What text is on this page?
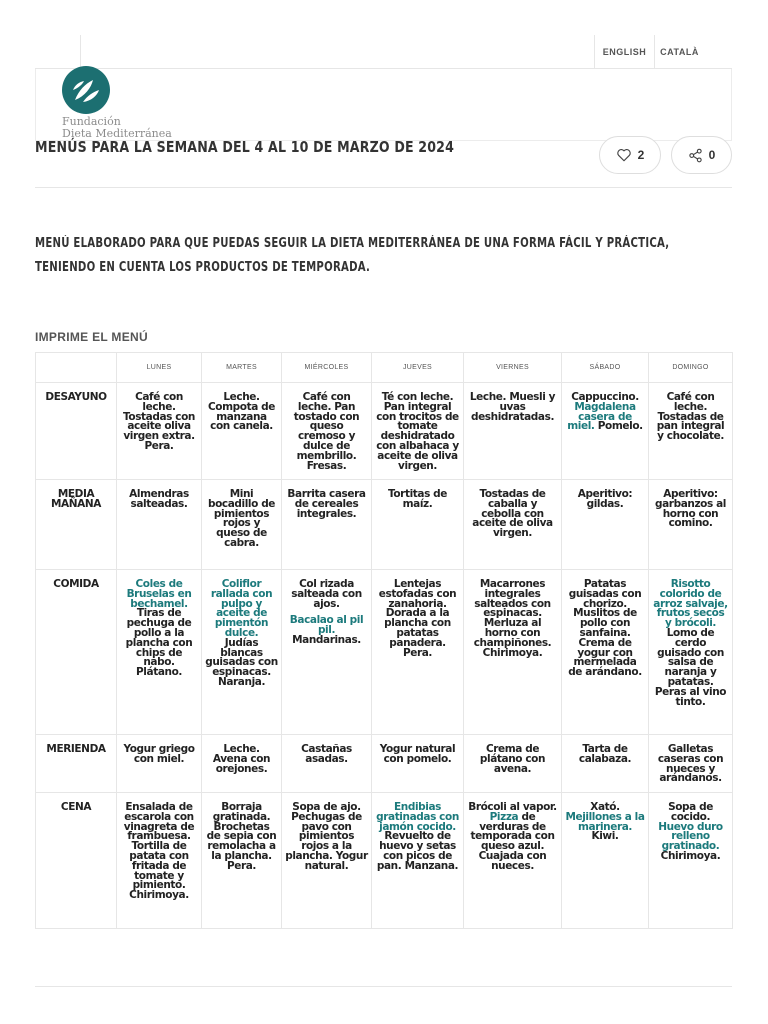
ENGLISH	CATALÀ
Fundación
Dieta Mediterránea
MENÚS PARA LA SEMANA DEL 4 AL 10 DE MARZO DE 2024	2	0
MENÚ ELABORADO PARA QUE PUEDAS SEGUIR LA DIETA MEDITERRÁNEA DE UNA FORMA FÁCIL Y PRÁCTICA,
TENIENDO EN CUENTA LOS PRODUCTOS DE TEMPORADA.
IMPRIME EL MENÚ
	LUNES	MARTES	MIÉRCOLES	JUEVES	VIERNES	SÁBADO	DOMINGO
DESAYUNO	Café con leche. Tostadas con aceite oliva virgen extra. Pera.	Leche. Compota de manzana con canela.	Café con leche. Pan tostado con queso cremoso y dulce de membrillo. Fresas.	Té con leche. Pan integral con trocitos de tomate deshidratado con albahaca y aceite de oliva virgen.	Leche. Muesli y uvas deshidratadas.	Cappuccino. Magdalena casera de miel. Pomelo.	Café con leche. Tostadas de pan integral y chocolate.
MEDIA MAÑANA	Almendras salteadas.	Mini bocadillo de pimientos rojos y queso de cabra.	Barrita casera de cereales integrales.	Tortitas de maíz.	Tostadas de caballa y cebolla con aceite de oliva virgen.	Aperitivo: gildas.	Aperitivo: garbanzos al horno con comino.
COMIDA	Coles de Bruselas en bechamel.
Tiras de pechuga de pollo a la plancha con chips de nabo. Plátano.	Coliflor rallada con pulpo y aceite de pimentón dulce.
Judías blancas guisadas con espinacas. Naranja.	Col rizada salteada con ajos.
Bacalao al pil pil.
Mandarinas.	Lentejas estofadas con zanahoria. Dorada a la plancha con patatas panadera. Pera.	Macarrones integrales salteados con espinacas. Merluza al horno con champiñones. Chirimoya.	Patatas guisadas con chorizo. Muslitos de pollo con sanfaina. Crema de yogur con mermelada de arándano.	Risotto colorido de arroz salvaje, frutos secos y brócoli.
Lomo de cerdo guisado con salsa de naranja y patatas. Peras al vino tinto.
MERIENDA	Yogur griego con miel.	Leche. Avena con orejones.	Castañas asadas.	Yogur natural con pomelo.	Crema de plátano con avena.	Tarta de calabaza.	Galletas caseras con nueces y arándanos.
CENA	Ensalada de escarola con vinagreta de frambuesa. Tortilla de patata con fritada de tomate y pimiento. Chirimoya.	Borraja gratinada. Brochetas de sepia con remolacha a la plancha. Pera.	Sopa de ajo. Pechugas de pavo con pimientos rojos a la plancha. Yogur natural.	Endibias gratinadas con jamón cocido.
Revuelto de huevo y setas con picos de pan. Manzana.	Brócoli al vapor.
Pizza de verduras de temporada con queso azul. Cuajada con nueces.	Xató.
Mejillones a la marinera. Kiwi.	Sopa de cocido.
Huevo duro relleno gratinado. Chirimoya.
